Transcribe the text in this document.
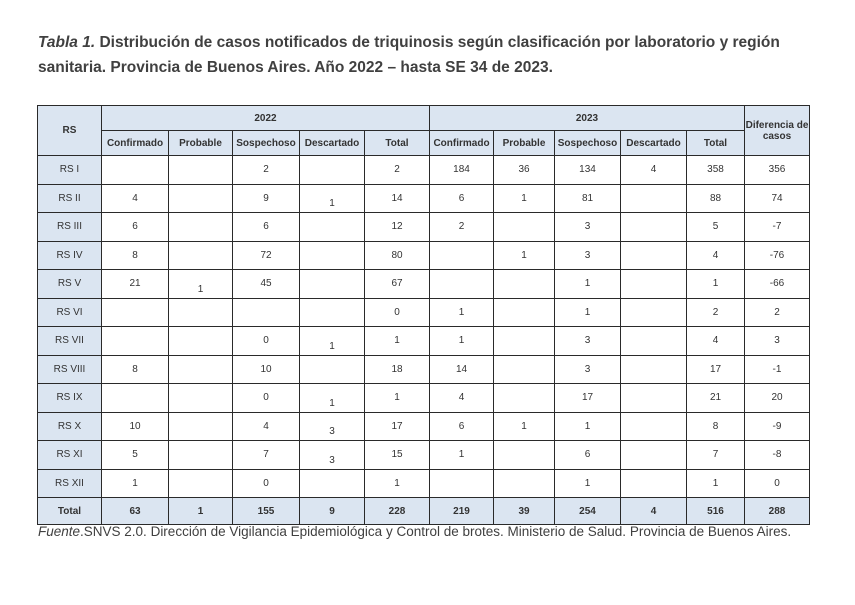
Tabla 1. Distribución de casos notificados de triquinosis según clasificación por laboratorio y región sanitaria. Provincia de Buenos Aires. Año 2022 – hasta SE 34 de 2023.
RS	2022					2023					Diferencia de casos
	Confirmado	Probable	Sospechoso	Descartado	Total	Confirmado	Probable	Sospechoso	Descartado	Total	
RS I			2		2	184	36	134	4	358	356
RS II	4		9	1	14	6	1	81		88	74
RS III	6		6		12	2		3		5	-7
RS IV	8		72		80		1	3		4	-76
RS V	21	1	45		67			1		1	-66
RS VI					0	1		1		2	2
RS VII			0	1	1	1		3		4	3
RS VIII	8		10		18	14		3		17	-1
RS IX			0	1	1	4		17		21	20
RS X	10		4	3	17	6	1	1		8	-9
RS XI	5		7	3	15	1		6		7	-8
RS XII	1		0		1			1		1	0
Total	63	1	155	9	228	219	39	254	4	516	288
Fuente.SNVS 2.0. Dirección de Vigilancia Epidemiológica y Control de brotes. Ministerio de Salud. Provincia de Buenos Aires.
